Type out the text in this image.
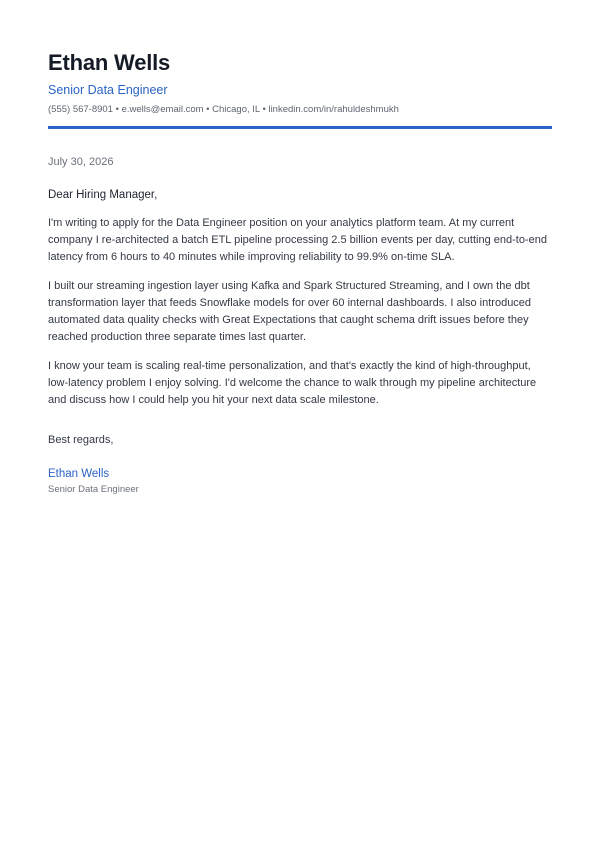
Ethan Wells
Senior Data Engineer
(555) 567-8901 • e.wells@email.com • Chicago, IL • linkedin.com/in/rahuldeshmukh
July 30, 2026
Dear Hiring Manager,
I'm writing to apply for the Data Engineer position on your analytics platform team. At my current company I re-architected a batch ETL pipeline processing 2.5 billion events per day, cutting end-to-end latency from 6 hours to 40 minutes while improving reliability to 99.9% on-time SLA.
I built our streaming ingestion layer using Kafka and Spark Structured Streaming, and I own the dbt transformation layer that feeds Snowflake models for over 60 internal dashboards. I also introduced automated data quality checks with Great Expectations that caught schema drift issues before they reached production three separate times last quarter.
I know your team is scaling real-time personalization, and that's exactly the kind of high-throughput, low-latency problem I enjoy solving. I'd welcome the chance to walk through my pipeline architecture and discuss how I could help you hit your next data scale milestone.
Best regards,
Ethan Wells
Senior Data Engineer
